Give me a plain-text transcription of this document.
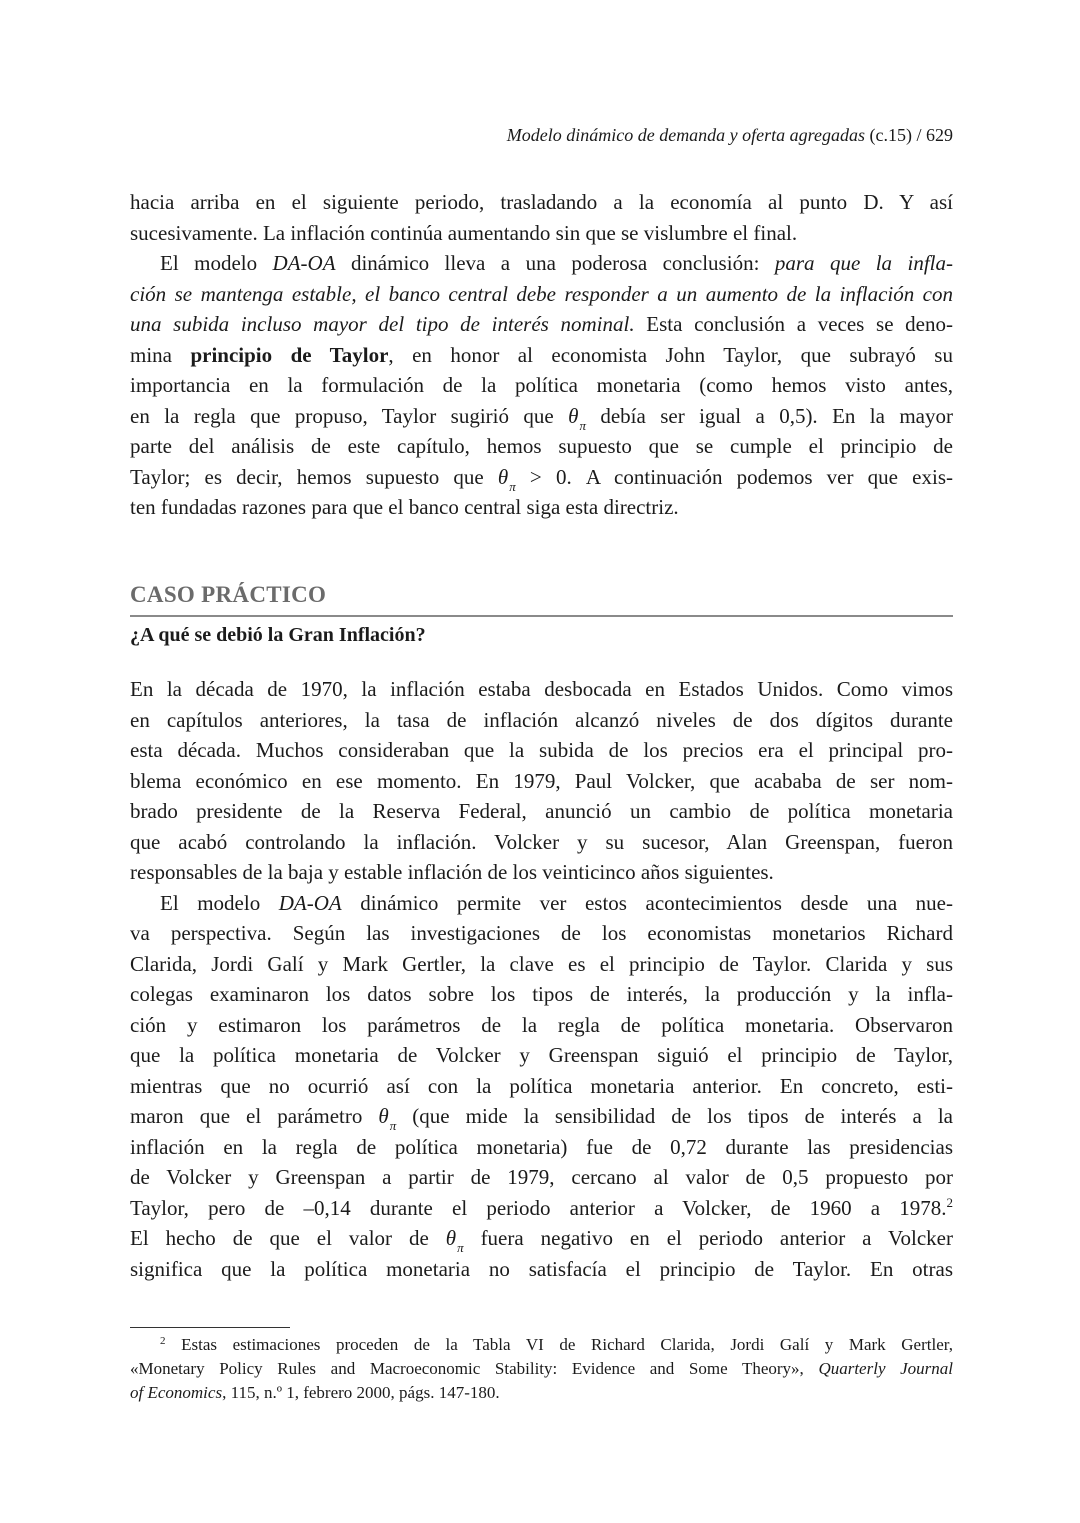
Modelo dinámico de demanda y oferta agregadas (c.15) / 629
hacia arriba en el siguiente periodo, trasladando a la economía al punto D. Y así
sucesivamente. La inflación continúa aumentando sin que se vislumbre el final.
El modelo DA-OA dinámico lleva a una poderosa conclusión: para que la infla-
ción se mantenga estable, el banco central debe responder a un aumento de la inflación con
una subida incluso mayor del tipo de interés nominal. Esta conclusión a veces se deno-
mina principio de Taylor, en honor al economista John Taylor, que subrayó su
importancia en la formulación de la política monetaria (como hemos visto antes,
en la regla que propuso, Taylor sugirió que $\theta_\pi$ debía ser igual a 0,5). En la mayor
parte del análisis de este capítulo, hemos supuesto que se cumple el principio de
Taylor; es decir, hemos supuesto que $\theta_\pi > 0$. A continuación podemos ver que exis-
ten fundadas razones para que el banco central siga esta directriz.
CASO PRÁCTICO
¿A qué se debió la Gran Inflación?
En la década de 1970, la inflación estaba desbocada en Estados Unidos. Como vimos
en capítulos anteriores, la tasa de inflación alcanzó niveles de dos dígitos durante
esta década. Muchos consideraban que la subida de los precios era el principal pro-
blema económico en ese momento. En 1979, Paul Volcker, que acababa de ser nom-
brado presidente de la Reserva Federal, anunció un cambio de política monetaria
que acabó controlando la inflación. Volcker y su sucesor, Alan Greenspan, fueron
responsables de la baja y estable inflación de los veinticinco años siguientes.
El modelo DA-OA dinámico permite ver estos acontecimientos desde una nue-
va perspectiva. Según las investigaciones de los economistas monetarios Richard
Clarida, Jordi Galí y Mark Gertler, la clave es el principio de Taylor. Clarida y sus
colegas examinaron los datos sobre los tipos de interés, la producción y la infla-
ción y estimaron los parámetros de la regla de política monetaria. Observaron
que la política monetaria de Volcker y Greenspan siguió el principio de Taylor,
mientras que no ocurrió así con la política monetaria anterior. En concreto, esti-
maron que el parámetro $\theta_\pi$ (que mide la sensibilidad de los tipos de interés a la
inflación en la regla de política monetaria) fue de 0,72 durante las presidencias
de Volcker y Greenspan a partir de 1979, cercano al valor de 0,5 propuesto por
Taylor, pero de –0,14 durante el periodo anterior a Volcker, de 1960 a 1978.$^2$
El hecho de que el valor de $\theta_\pi$ fuera negativo en el periodo anterior a Volcker
significa que la política monetaria no satisfacía el principio de Taylor. En otras
$^2$ Estas estimaciones proceden de la Tabla VI de Richard Clarida, Jordi Galí y Mark Gertler,
«Monetary Policy Rules and Macroeconomic Stability: Evidence and Some Theory», Quarterly Journal
of Economics, 115, n.º 1, febrero 2000, págs. 147-180.
